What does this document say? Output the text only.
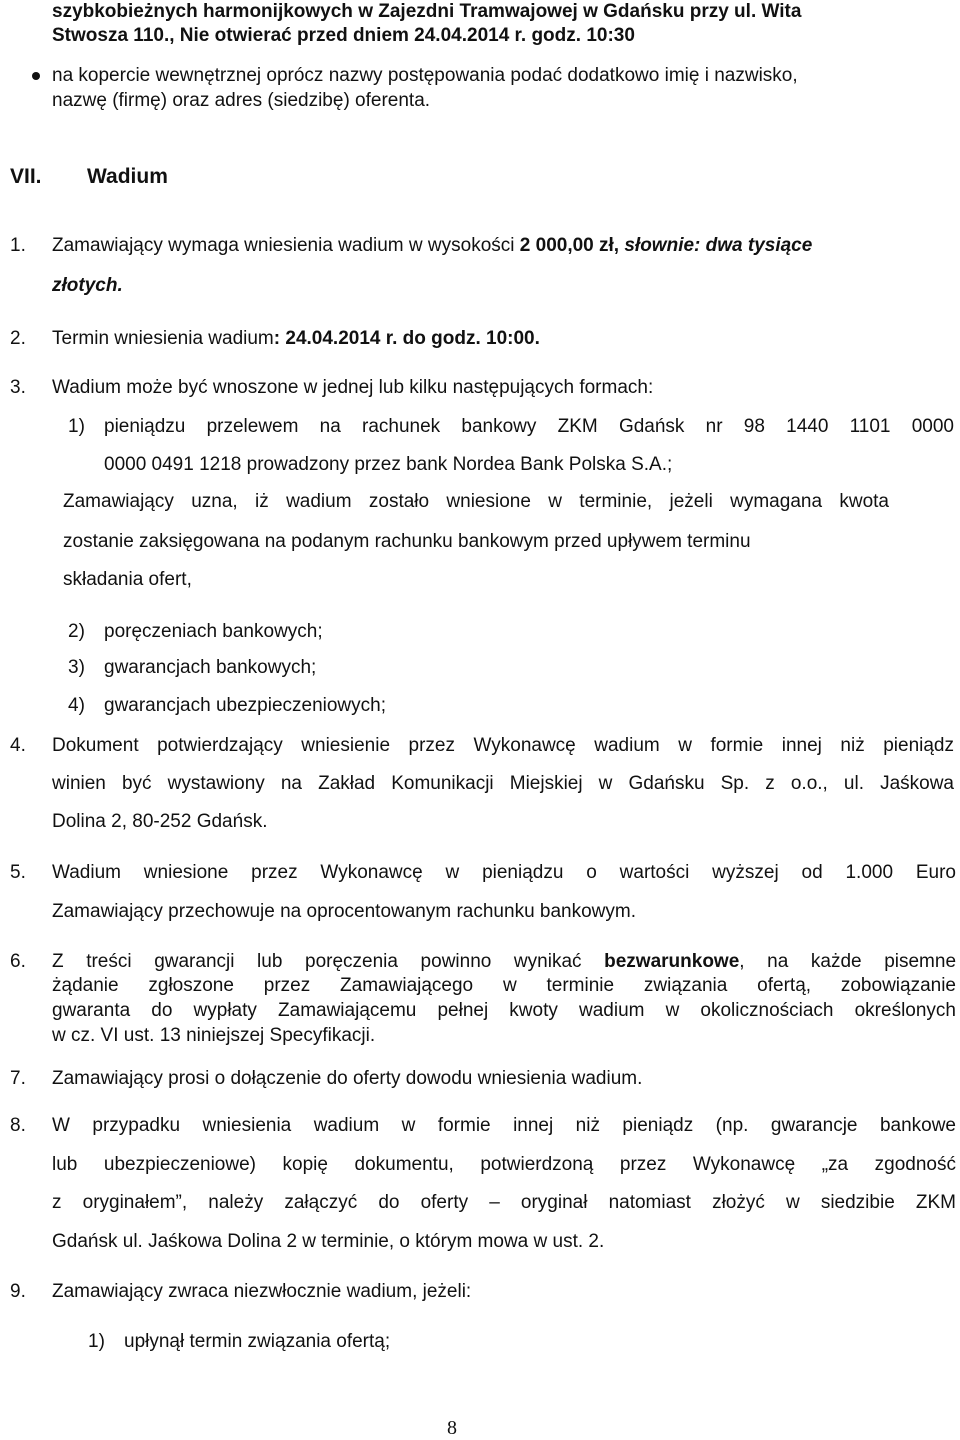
szybkobieżnych harmonijkowych w Zajezdni Tramwajowej w Gdańsku przy ul. Wita
Stwosza 110., Nie otwierać przed dniem 24.04.2014 r. godz. 10:30
na kopercie wewnętrznej oprócz nazwy postępowania podać dodatkowo imię i nazwisko,
nazwę (firmę) oraz adres (siedzibę) oferenta.
VII. Wadium
1. Zamawiający wymaga wniesienia wadium w wysokości 2 000,00 zł, słownie: dwa tysiące
złotych.
2. Termin wniesienia wadium: 24.04.2014 r. do godz. 10:00.
3. Wadium może być wnoszone w jednej lub kilku następujących formach:
1) pieniądzu przelewem na rachunek bankowy ZKM Gdańsk nr 98 1440 1101 0000
0000 0491 1218 prowadzony przez bank Nordea Bank Polska S.A.;
Zamawiający uzna, iż wadium zostało wniesione w terminie, jeżeli wymagana kwota
zostanie zaksięgowana na podanym rachunku bankowym przed upływem terminu
składania ofert,
2) poręczeniach bankowych;
3) gwarancjach bankowych;
4) gwarancjach ubezpieczeniowych;
4. Dokument potwierdzający wniesienie przez Wykonawcę wadium w formie innej niż pieniądz
winien być wystawiony na Zakład Komunikacji Miejskiej w Gdańsku Sp. z o.o., ul. Jaśkowa
Dolina 2, 80-252 Gdańsk.
5. Wadium wniesione przez Wykonawcę w pieniądzu o wartości wyższej od 1.000 Euro
Zamawiający przechowuje na oprocentowanym rachunku bankowym.
6. Z treści gwarancji lub poręczenia powinno wynikać bezwarunkowe, na każde pisemne
żądanie zgłoszone przez Zamawiającego w terminie związania ofertą, zobowiązanie
gwaranta do wypłaty Zamawiającemu pełnej kwoty wadium w okolicznościach określonych
w cz. VI ust. 13 niniejszej Specyfikacji.
7. Zamawiający prosi o dołączenie do oferty dowodu wniesienia wadium.
8. W przypadku wniesienia wadium w formie innej niż pieniądz (np. gwarancje bankowe
lub ubezpieczeniowe) kopię dokumentu, potwierdzoną przez Wykonawcę „za zgodność
z oryginałem”, należy załączyć do oferty – oryginał natomiast złożyć w siedzibie ZKM
Gdańsk ul. Jaśkowa Dolina 2 w terminie, o którym mowa w ust. 2.
9. Zamawiający zwraca niezwłocznie wadium, jeżeli:
1) upłynął termin związania ofertą;
8
